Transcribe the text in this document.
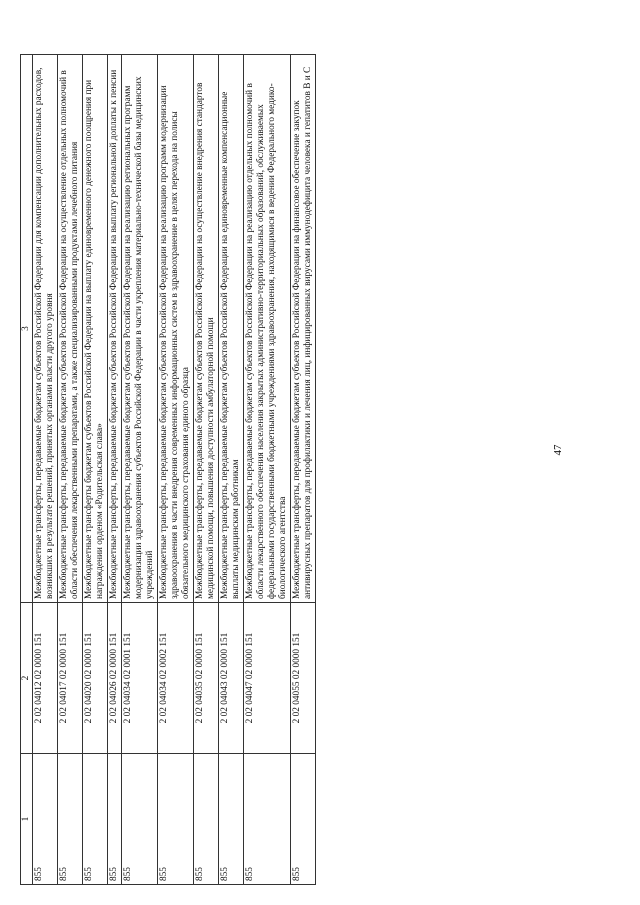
47
1	2	3
855	2 02 04012 02 0000 151	Межбюджетные трансферты, передаваемые бюджетам субъектов Российской Федерации для компенсации дополнительных расходов, возникших в результате решений, принятых органами власти другого уровня
855	2 02 04017 02 0000 151	Межбюджетные трансферты, передаваемые бюджетам субъектов Российской Федерации на осуществление отдельных полномочий в области обеспечения лекарственными препаратами, а также специализированными продуктами лечебного питания
855	2 02 04020 02 0000 151	Межбюджетные трансферты бюджетам субъектов Российской Федерации на выплату единовременного денежного поощрения при награждении орденом «Родительская слава»
855	2 02 04026 02 0000 151	Межбюджетные трансферты, передаваемые бюджетам субъектов Российской Федерации на выплату региональной доплаты к пенсии
855	2 02 04034 02 0001 151	Межбюджетные трансферты, передаваемые бюджетам субъектов Российской Федерации на реализацию региональных программ модернизации здравоохранения субъектов Российской Федерации в части укрепления материально-технической базы медицинских учреждений
855	2 02 04034 02 0002 151	Межбюджетные трансферты, передаваемые бюджетам субъектов Российской Федерации на реализацию программ модернизации здравоохранения в части внедрения современных информационных систем в здравоохранение в целях перехода на полисы обязательного медицинского страхования единого образца
855	2 02 04035 02 0000 151	Межбюджетные трансферты, передаваемые бюджетам субъектов Российской Федерации на осуществление внедрения стандартов медицинской помощи, повышения доступности амбулаторной помощи
855	2 02 04043 02 0000 151	Межбюджетные трансферты, передаваемые бюджетам субъектов Российской Федерации на единовременные компенсационные выплаты медицинским работникам
855	2 02 04047 02 0000 151	Межбюджетные трансферты, передаваемые бюджетам субъектов Российской Федерации на реализацию отдельных полномочий в области лекарственного обеспечения населения закрытых административно-территориальных образований, обслуживаемых федеральными государственными бюджетными учреждениями здравоохранения, находящимися в ведении Федерального медико-биологического агентства
855	2 02 04055 02 0000 151	Межбюджетные трансферты, передаваемые бюджетам субъектов Российской Федерации на финансовое обеспечение закупок антивирусных препаратов для профилактики и лечения лиц, инфицированных вирусами иммунодефицита человека и гепатитов В и С
